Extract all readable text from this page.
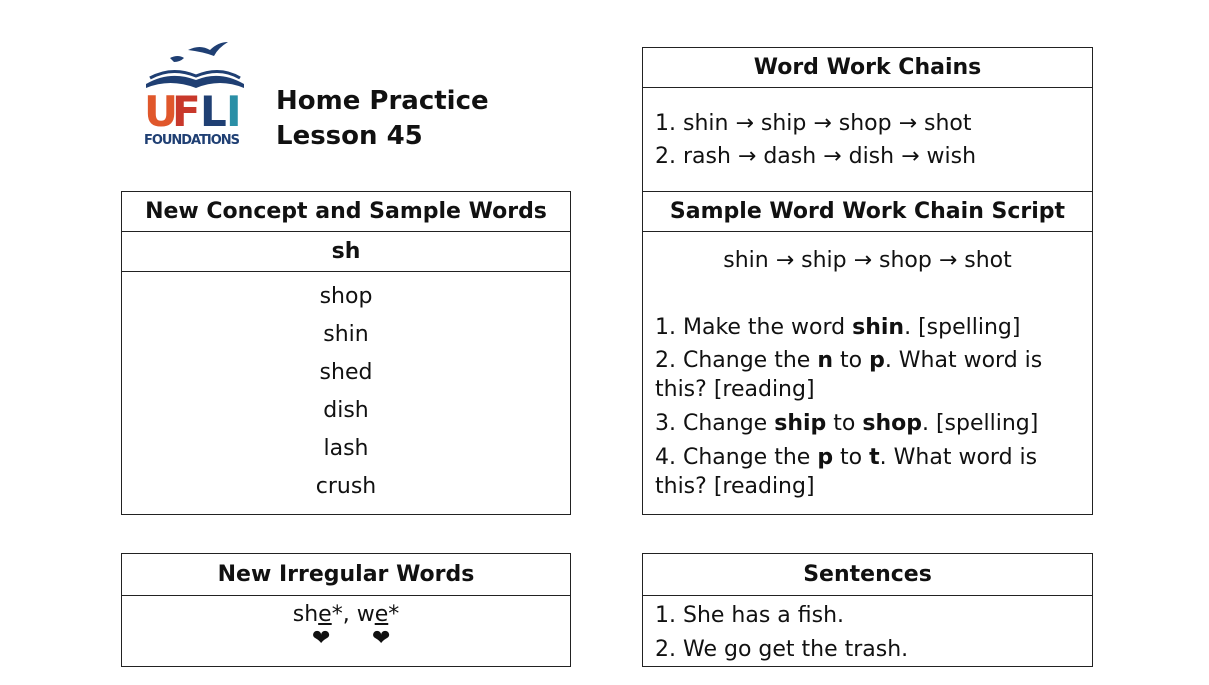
U
F L I
FOUNDATIONS
Home Practice
Lesson 45
New Concept and Sample Words
sh
shop
shin
shed
dish
lash
crush
Word Work Chains
1. shin → ship → shop → shot
2. rash → dash → dish → wish
Sample Word Work Chain Script
shin → ship → shop → shot
1. Make the word shin. [spelling]
2. Change the n to p. What word is
this? [reading]
3. Change ship to shop. [spelling]
4. Change the p to t. What word is
this? [reading]
New Irregular Words
she*, we*
❤ ❤
Sentences
1. She has a fish.
2. We go get the trash.
